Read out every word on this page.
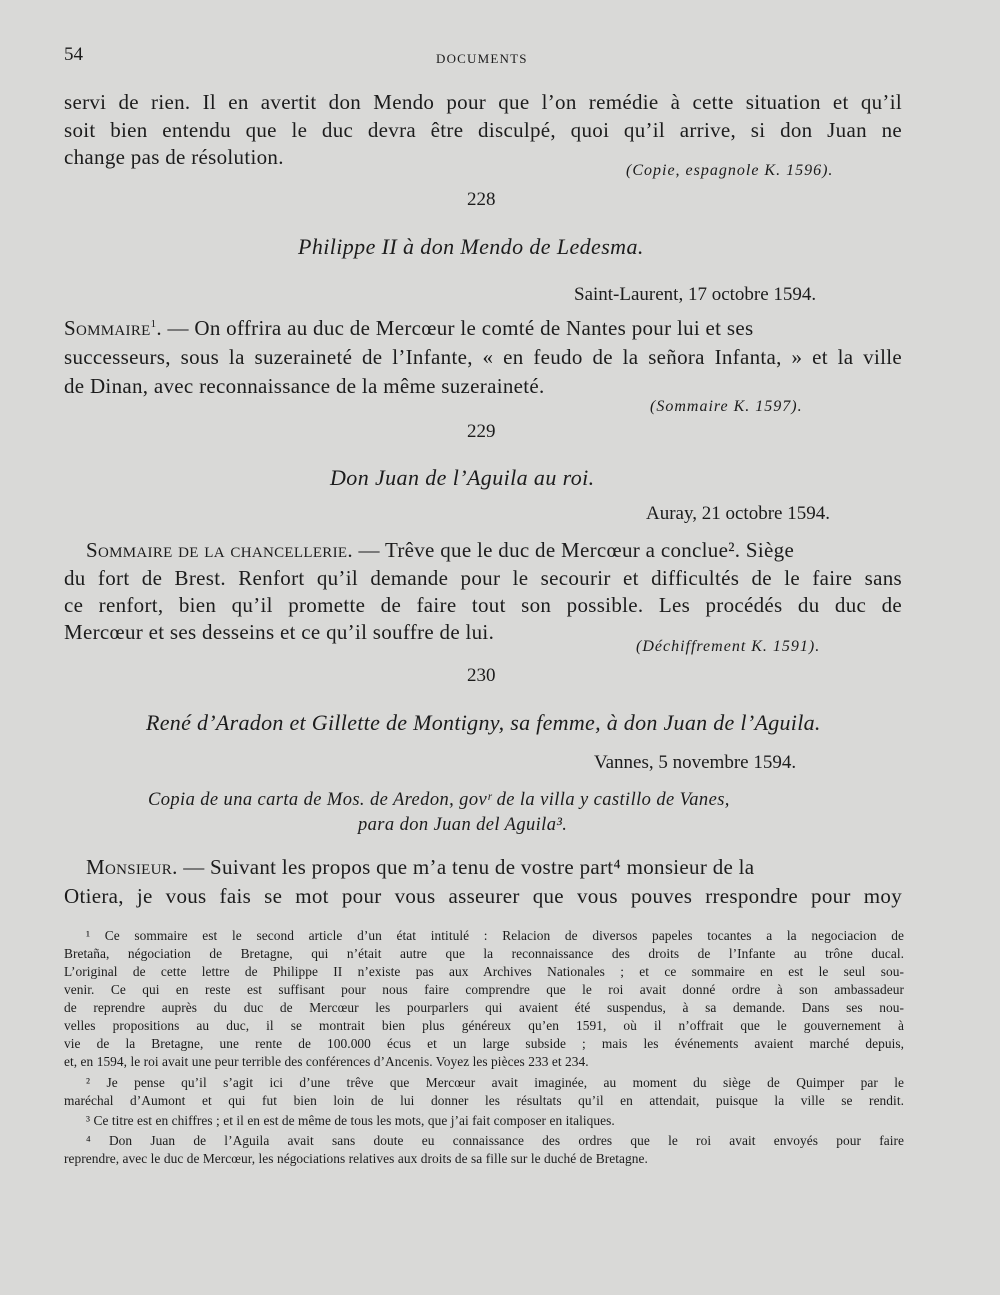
54	DOCUMENTS
servi de rien. Il en avertit don Mendo pour que l’on remédie à cette situation et qu’il
soit bien entendu que le duc devra être disculpé, quoi qu’il arrive, si don Juan ne
change pas de résolution.
(Copie, espagnole K. 1596).
228
Philippe II à don Mendo de Ledesma.
Saint-Laurent, 17 octobre 1594.
Sommaire$^1$. — On offrira au duc de Mercœur le comté de Nantes pour lui et ses
successeurs, sous la suzeraineté de l’Infante, « en feudo de la señora Infanta, » et la ville
de Dinan, avec reconnaissance de la même suzeraineté.
(Sommaire K. 1597).
229
Don Juan de l’Aguila au roi.
Auray, 21 octobre 1594.
Sommaire de la chancellerie. — Trêve que le duc de Mercœur a conclue². Siège
du fort de Brest. Renfort qu’il demande pour le secourir et difficultés de le faire sans
ce renfort, bien qu’il promette de faire tout son possible. Les procédés du duc de
Mercœur et ses desseins et ce qu’il souffre de lui.
(Déchiffrement K. 1591).
230
René d’Aradon et Gillette de Montigny, sa femme, à don Juan de l’Aguila.
Vannes, 5 novembre 1594.
Copia de una carta de Mos. de Aredon, govʳ de la villa y castillo de Vanes,
para don Juan del Aguila³.
Monsieur. — Suivant les propos que m’a tenu de vostre part⁴ monsieur de la
Otiera, je vous fais se mot pour vous asseurer que vous pouves rrespondre pour moy
¹ Ce sommaire est le second article d’un état intitulé : Relacion de diversos papeles tocantes a la negociacion de
Bretaña, négociation de Bretagne, qui n’était autre que la reconnaissance des droits de l’Infante au trône ducal.
L’original de cette lettre de Philippe II n’existe pas aux Archives Nationales ; et ce sommaire en est le seul sou-
venir. Ce qui en reste est suffisant pour nous faire comprendre que le roi avait donné ordre à son ambassadeur
de reprendre auprès du duc de Mercœur les pourparlers qui avaient été suspendus, à sa demande. Dans ses nou-
velles propositions au duc, il se montrait bien plus généreux qu’en 1591, où il n’offrait que le gouvernement à
vie de la Bretagne, une rente de 100.000 écus et un large subside ; mais les événements avaient marché depuis,
et, en 1594, le roi avait une peur terrible des conférences d’Ancenis. Voyez les pièces 233 et 234.
² Je pense qu’il s’agit ici d’une trêve que Mercœur avait imaginée, au moment du siège de Quimper par le
maréchal d’Aumont et qui fut bien loin de lui donner les résultats qu’il en attendait, puisque la ville se rendit.
³ Ce titre est en chiffres ; et il en est de même de tous les mots, que j’ai fait composer en italiques.
⁴ Don Juan de l’Aguila avait sans doute eu connaissance des ordres que le roi avait envoyés pour faire
reprendre, avec le duc de Mercœur, les négociations relatives aux droits de sa fille sur le duché de Bretagne.
